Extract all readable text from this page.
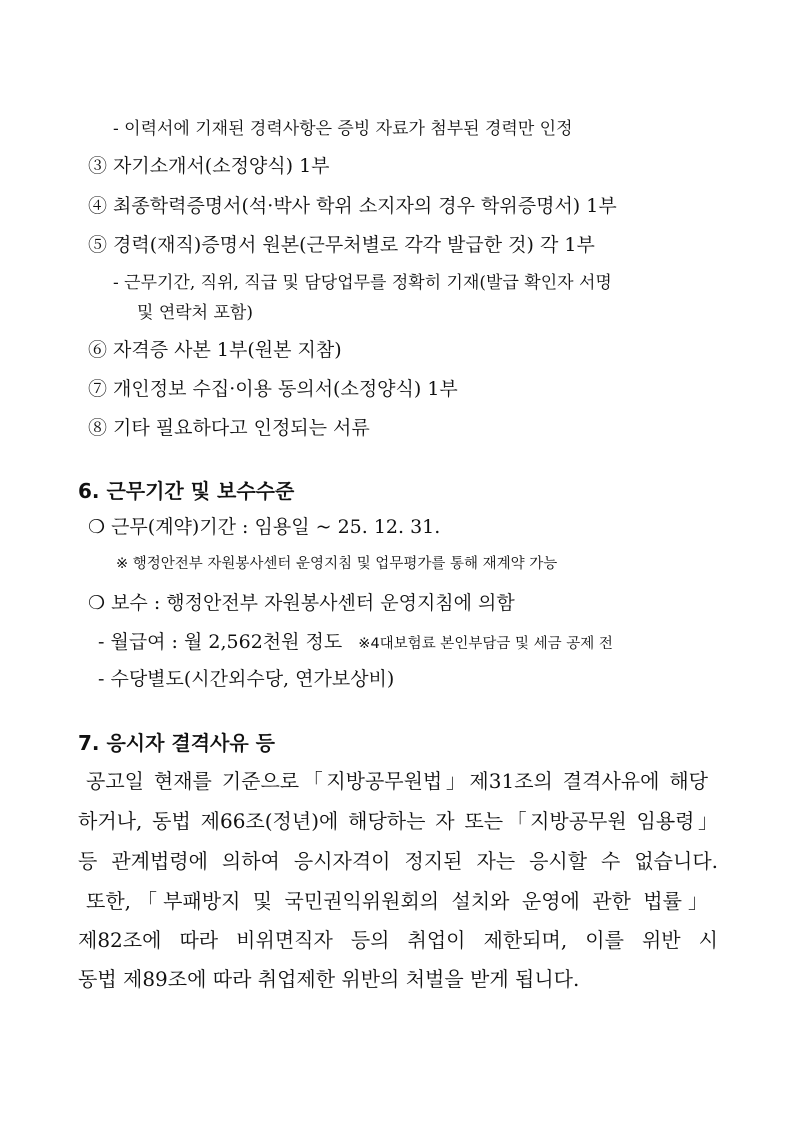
- 이력서에 기재된 경력사항은 증빙 자료가 첨부된 경력만 인정
③ 자기소개서(소정양식) 1부
④ 최종학력증명서(석·박사 학위 소지자의 경우 학위증명서) 1부
⑤ 경력(재직)증명서 원본(근무처별로 각각 발급한 것) 각 1부
- 근무기간, 직위, 직급 및 담당업무를 정확히 기재(발급 확인자 서명
및 연락처 포함)
⑥ 자격증 사본 1부(원본 지참)
⑦ 개인정보 수집·이용 동의서(소정양식) 1부
⑧ 기타 필요하다고 인정되는 서류
6. 근무기간 및 보수수준
❍ 근무(계약)기간 : 임용일 ~ 25. 12. 31.
※ 행정안전부 자원봉사센터 운영지침 및 업무평가를 통해 재계약 가능
❍ 보수 : 행정안전부 자원봉사센터 운영지침에 의함
- 월급여 : 월 2,562천원 정도 ※4대보험료 본인부담금 및 세금 공제 전
- 수당별도(시간외수당, 연가보상비)
7. 응시자 결격사유 등
공고일 현재를 기준으로「지방공무원법」제31조의 결격사유에 해당
하거나, 동법 제66조(정년)에 해당하는 자 또는「지방공무원 임용령」
등 관계법령에 의하여 응시자격이 정지된 자는 응시할 수 없습니다.
또한,「부패방지 및 국민권익위원회의 설치와 운영에 관한 법률」
제82조에 따라 비위면직자 등의 취업이 제한되며, 이를 위반 시
동법 제89조에 따라 취업제한 위반의 처벌을 받게 됩니다.
